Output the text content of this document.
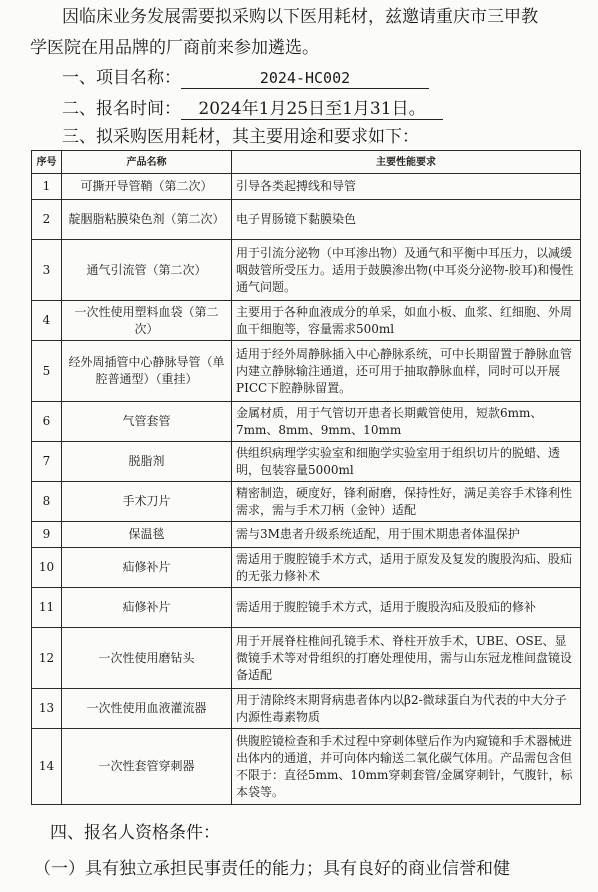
因临床业务发展需要拟采购以下医用耗材，兹邀请重庆市三甲教

学医院在用品牌的厂商前来参加遴选。

一、项目名称：	2024-HC002

二、报名时间： 2024年1月25日至1月31日。

三、拟采购医用耗材，其主要用途和要求如下：

序号	产品名称	主要性能要求
1	可撕开导管鞘（第二次）	引导各类起搏线和导管
2	靛胭脂粘膜染色剂（第二次）	电子胃肠镜下黏膜染色
3	通气引流管（第二次）	用于引流分泌物（中耳渗出物）及通气和平衡中耳压力，以减缓咽鼓管所受压力。适用于鼓膜渗出物(中耳炎分泌物-胶耳)和慢性通气问题。
4	一次性使用塑料血袋（第二次）	主要用于各种血液成分的单采，如血小板、血浆、红细胞、外周血干细胞等，容量需求500ml
5	经外周插管中心静脉导管（单腔普通型）（重挂）	适用于经外周静脉插入中心静脉系统，可中长期留置于静脉血管内建立静脉输注通道，还可用于抽取静脉血样，同时可以开展PICC下腔静脉留置。
6	气管套管	金属材质，用于气管切开患者长期戴管使用，短款6mm、7mm、8mm、9mm、10mm
7	脱脂剂	供组织病理学实验室和细胞学实验室用于组织切片的脱蜡、透明，包装容量5000ml
8	手术刀片	精密制造，硬度好，锋利耐磨，保持性好，满足美容手术锋利性需求，需与手术刀柄（金钟）适配
9	保温毯	需与3M患者升级系统适配，用于围术期患者体温保护
10	疝修补片	需适用于腹腔镜手术方式，适用于原发及复发的腹股沟疝、股疝的无张力修补术
11	疝修补片	需适用于腹腔镜手术方式，适用于腹股沟疝及股疝的修补
12	一次性使用磨钻头	用于开展脊柱椎间孔镜手术、脊柱开放手术，UBE、OSE、显微镜手术等对骨组织的打磨处理使用，需与山东冠龙椎间盘镜设备适配
13	一次性使用血液灌流器	用于清除终末期肾病患者体内以β2-微球蛋白为代表的中大分子内源性毒素物质
14	一次性套管穿刺器	供腹腔镜检查和手术过程中穿刺体壁后作为内窥镜和手术器械进出体内的通道，并可向体内输送二氧化碳气体用。产品需包含但不限于：直径5mm、10mm穿刺套管/金属穿刺针，气腹针，标本袋等。

四、报名人资格条件：

（一）具有独立承担民事责任的能力；具有良好的商业信誉和健
